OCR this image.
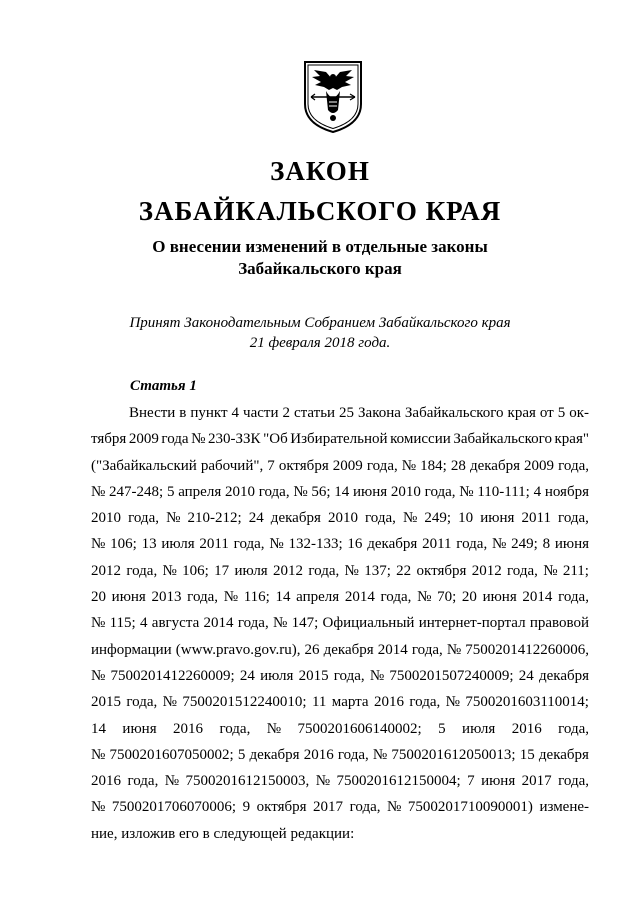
ЗАКОН
ЗАБАЙКАЛЬСКОГО КРАЯ
О внесении изменений в отдельные законы
Забайкальского края
Принят Законодательным Собранием Забайкальского края
21 февраля 2018 года.
Статья 1
Внести в пункт 4 части 2 статьи 25 Закона Забайкальского края от 5 ок-
тября 2009 года № 230-ЗЗК "Об Избирательной комиссии Забайкальского края"
("Забайкальский рабочий", 7 октября 2009 года, № 184; 28 декабря 2009 года,
№ 247-248; 5 апреля 2010 года, № 56; 14 июня 2010 года, № 110-111; 4 ноября
2010 года, № 210-212; 24 декабря 2010 года, № 249; 10 июня 2011 года,
№ 106; 13 июля 2011 года, № 132-133; 16 декабря 2011 года, № 249; 8 июня
2012 года, № 106; 17 июля 2012 года, № 137; 22 октября 2012 года, № 211;
20 июня 2013 года, № 116; 14 апреля 2014 года, № 70; 20 июня 2014 года,
№ 115; 4 августа 2014 года, № 147; Официальный интернет-портал правовой
информации (www.pravo.gov.ru), 26 декабря 2014 года, № 7500201412260006,
№ 7500201412260009; 24 июля 2015 года, № 7500201507240009; 24 декабря
2015 года, № 7500201512240010; 11 марта 2016 года, № 7500201603110014;
14 июня 2016 года, № 7500201606140002; 5 июля 2016 года,
№ 7500201607050002; 5 декабря 2016 года, № 7500201612050013; 15 декабря
2016 года, № 7500201612150003, № 7500201612150004; 7 июня 2017 года,
№ 7500201706070006; 9 октября 2017 года, № 7500201710090001) измене-
ние, изложив его в следующей редакции:
